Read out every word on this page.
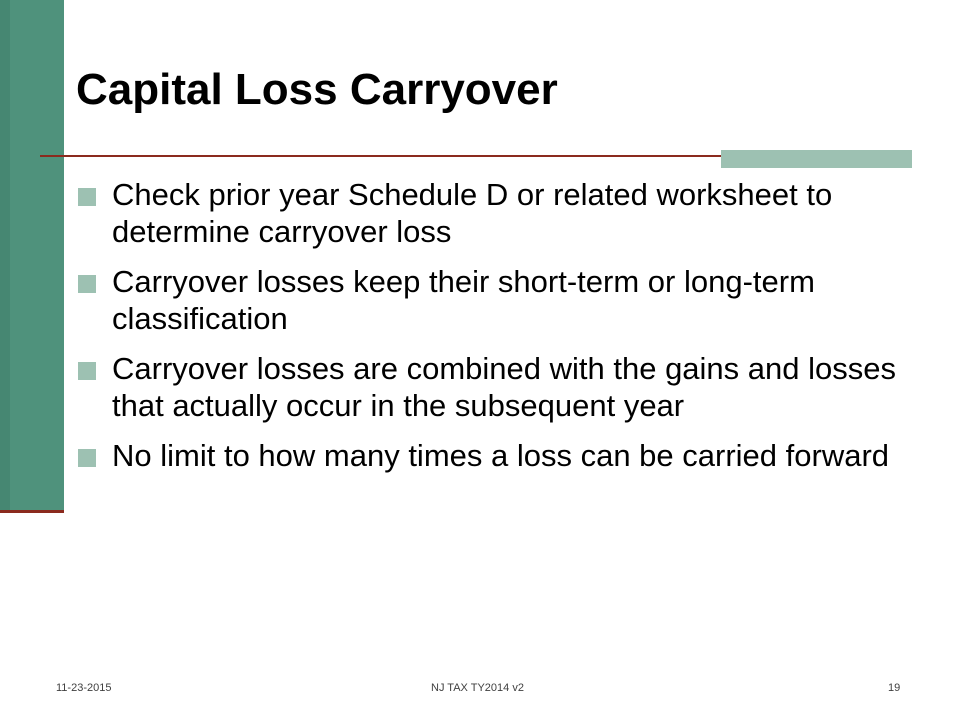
Capital Loss Carryover
Check prior year Schedule D or related worksheet to determine carryover loss
Carryover losses keep their short-term or long-term classification
Carryover losses are combined with the gains and losses that actually occur in the subsequent year
No limit to how many times a loss can be carried forward
11-23-2015	NJ TAX TY2014 v2	19
